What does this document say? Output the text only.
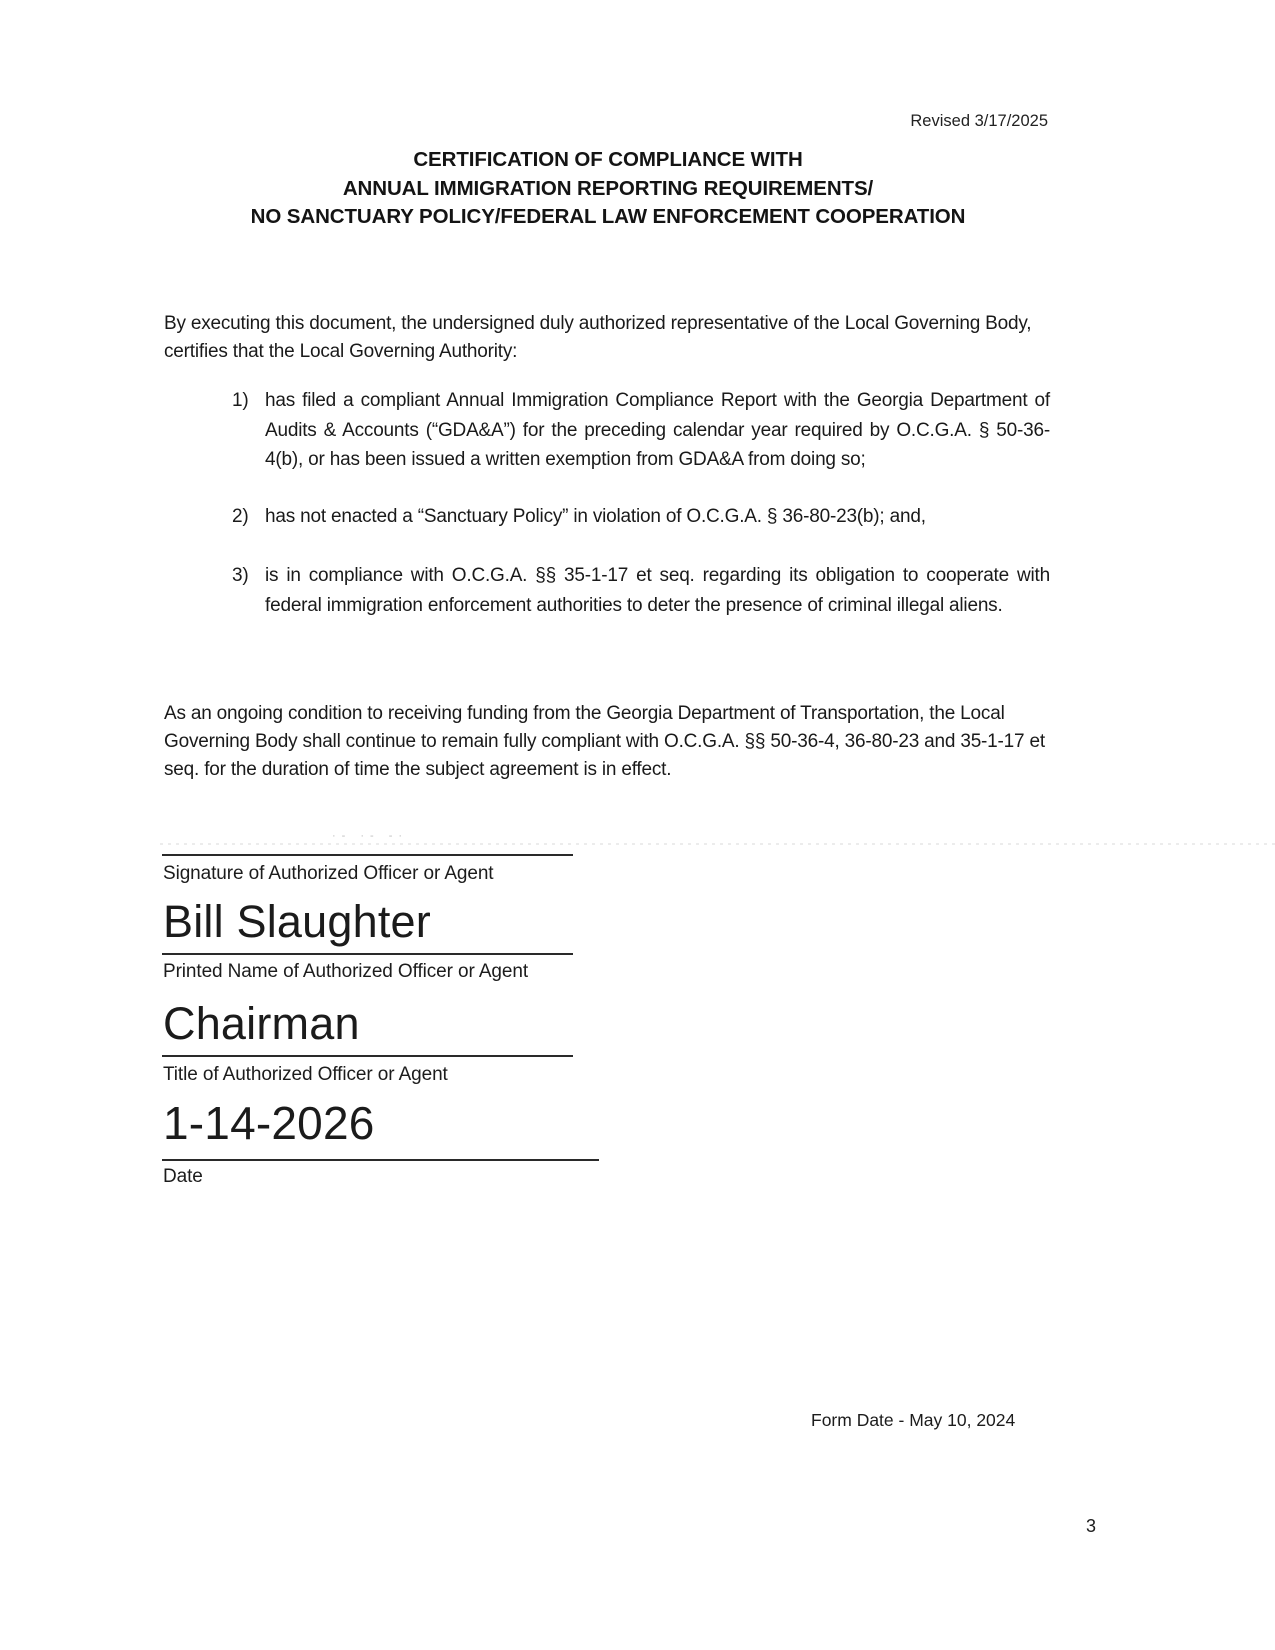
Revised 3/17/2025
CERTIFICATION OF COMPLIANCE WITH
ANNUAL IMMIGRATION REPORTING REQUIREMENTS/
NO SANCTUARY POLICY/FEDERAL LAW ENFORCEMENT COOPERATION

By executing this document, the undersigned duly authorized representative of the Local Governing Body, certifies that the Local Governing Authority:

1) has filed a compliant Annual Immigration Compliance Report with the Georgia Department of Audits & Accounts (“GDA&A”) for the preceding calendar year required by O.C.G.A. § 50-36-4(b), or has been issued a written exemption from GDA&A from doing so;
2) has not enacted a “Sanctuary Policy” in violation of O.C.G.A. § 36-80-23(b); and,
3) is in compliance with O.C.G.A. §§ 35-1-17 et seq. regarding its obligation to cooperate with federal immigration enforcement authorities to deter the presence of criminal illegal aliens.

As an ongoing condition to receiving funding from the Georgia Department of Transportation, the Local Governing Body shall continue to remain fully compliant with O.C.G.A. §§ 50-36-4, 36-80-23 and 35-1-17 et seq. for the duration of time the subject agreement is in effect.

·‐ ·‑ ‑·
Signature of Authorized Officer or Agent
Bill Slaughter
Printed Name of Authorized Officer or Agent
Chairman
Title of Authorized Officer or Agent
1-14-2026
Date
Form Date - May 10, 2024
3
